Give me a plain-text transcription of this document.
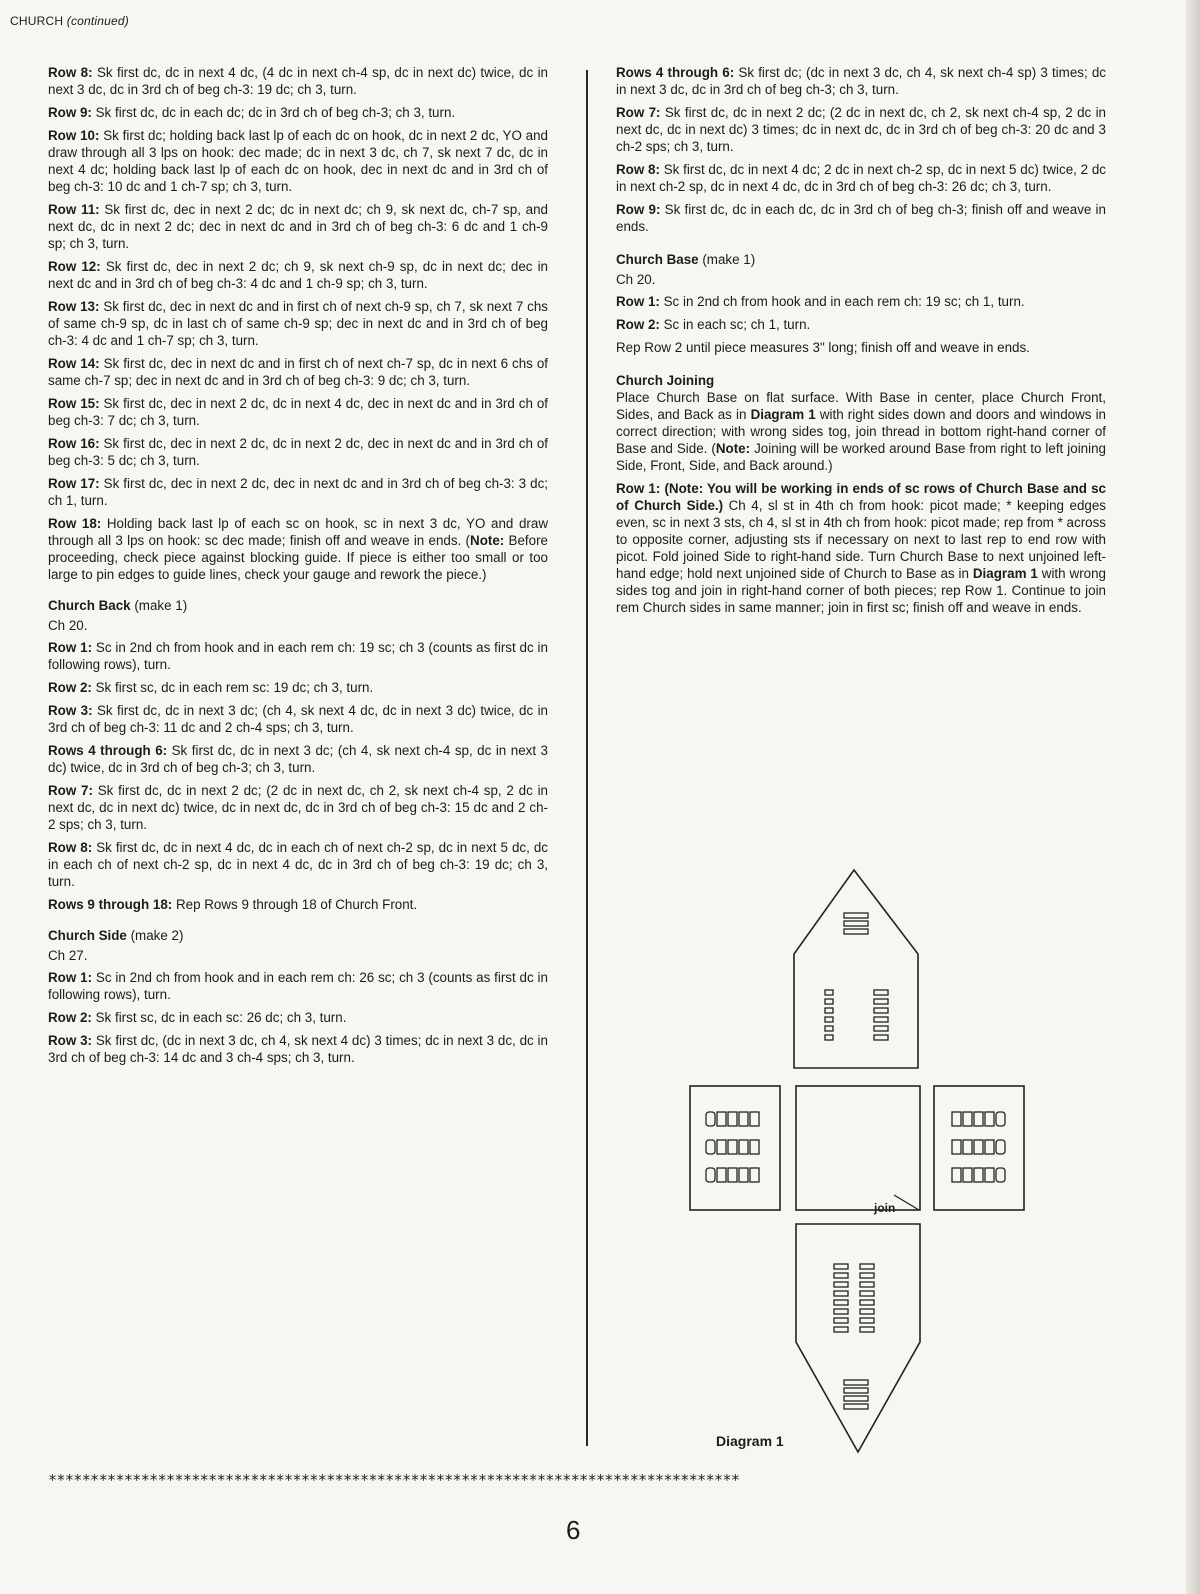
CHURCH (continued)

Row 8: Sk first dc, dc in next 4 dc, (4 dc in next ch-4 sp, dc in next dc) twice, dc in next 3 dc, dc in 3rd ch of beg ch-3: 19 dc; ch 3, turn.

Row 9: Sk first dc, dc in each dc; dc in 3rd ch of beg ch-3; ch 3, turn.

Row 10: Sk first dc; holding back last lp of each dc on hook, dc in next 2 dc, YO and draw through all 3 lps on hook: dec made; dc in next 3 dc, ch 7, sk next 7 dc, dc in next 4 dc; holding back last lp of each dc on hook, dec in next dc and in 3rd ch of beg ch-3: 10 dc and 1 ch-7 sp; ch 3, turn.

Row 11: Sk first dc, dec in next 2 dc; dc in next dc; ch 9, sk next dc, ch-7 sp, and next dc, dc in next 2 dc; dec in next dc and in 3rd ch of beg ch-3: 6 dc and 1 ch-9 sp; ch 3, turn.

Row 12: Sk first dc, dec in next 2 dc; ch 9, sk next ch-9 sp, dc in next dc; dec in next dc and in 3rd ch of beg ch-3: 4 dc and 1 ch-9 sp; ch 3, turn.

Row 13: Sk first dc, dec in next dc and in first ch of next ch-9 sp, ch 7, sk next 7 chs of same ch-9 sp, dc in last ch of same ch-9 sp; dec in next dc and in 3rd ch of beg ch-3: 4 dc and 1 ch-7 sp; ch 3, turn.

Row 14: Sk first dc, dec in next dc and in first ch of next ch-7 sp, dc in next 6 chs of same ch-7 sp; dec in next dc and in 3rd ch of beg ch-3: 9 dc; ch 3, turn.

Row 15: Sk first dc, dec in next 2 dc, dc in next 4 dc, dec in next dc and in 3rd ch of beg ch-3: 7 dc; ch 3, turn.

Row 16: Sk first dc, dec in next 2 dc, dc in next 2 dc, dec in next dc and in 3rd ch of beg ch-3: 5 dc; ch 3, turn.

Row 17: Sk first dc, dec in next 2 dc, dec in next dc and in 3rd ch of beg ch-3: 3 dc; ch 1, turn.

Row 18: Holding back last lp of each sc on hook, sc in next 3 dc, YO and draw through all 3 lps on hook: sc dec made; finish off and weave in ends. (Note: Before proceeding, check piece against blocking guide. If piece is either too small or too large to pin edges to guide lines, check your gauge and rework the piece.)

Church Back (make 1)

Ch 20.

Row 1: Sc in 2nd ch from hook and in each rem ch: 19 sc; ch 3 (counts as first dc in following rows), turn.

Row 2: Sk first sc, dc in each rem sc: 19 dc; ch 3, turn.

Row 3: Sk first dc, dc in next 3 dc; (ch 4, sk next 4 dc, dc in next 3 dc) twice, dc in 3rd ch of beg ch-3: 11 dc and 2 ch-4 sps; ch 3, turn.

Rows 4 through 6: Sk first dc, dc in next 3 dc; (ch 4, sk next ch-4 sp, dc in next 3 dc) twice, dc in 3rd ch of beg ch-3; ch 3, turn.

Row 7: Sk first dc, dc in next 2 dc; (2 dc in next dc, ch 2, sk next ch-4 sp, 2 dc in next dc, dc in next dc) twice, dc in next dc, dc in 3rd ch of beg ch-3: 15 dc and 2 ch-2 sps; ch 3, turn.

Row 8: Sk first dc, dc in next 4 dc, dc in each ch of next ch-2 sp, dc in next 5 dc, dc in each ch of next ch-2 sp, dc in next 4 dc, dc in 3rd ch of beg ch-3: 19 dc; ch 3, turn.

Rows 9 through 18: Rep Rows 9 through 18 of Church Front.

Church Side (make 2)

Ch 27.

Row 1: Sc in 2nd ch from hook and in each rem ch: 26 sc; ch 3 (counts as first dc in following rows), turn.

Row 2: Sk first sc, dc in each sc: 26 dc; ch 3, turn.

Row 3: Sk first dc, (dc in next 3 dc, ch 4, sk next 4 dc) 3 times; dc in next 3 dc, dc in 3rd ch of beg ch-3: 14 dc and 3 ch-4 sps; ch 3, turn.

Rows 4 through 6: Sk first dc; (dc in next 3 dc, ch 4, sk next ch-4 sp) 3 times; dc in next 3 dc, dc in 3rd ch of beg ch-3; ch 3, turn.

Row 7: Sk first dc, dc in next 2 dc; (2 dc in next dc, ch 2, sk next ch-4 sp, 2 dc in next dc, dc in next dc) 3 times; dc in next dc, dc in 3rd ch of beg ch-3: 20 dc and 3 ch-2 sps; ch 3, turn.

Row 8: Sk first dc, dc in next 4 dc; 2 dc in next ch-2 sp, dc in next 5 dc) twice, 2 dc in next ch-2 sp, dc in next 4 dc, dc in 3rd ch of beg ch-3: 26 dc; ch 3, turn.

Row 9: Sk first dc, dc in each dc, dc in 3rd ch of beg ch-3; finish off and weave in ends.

Church Base (make 1)

Ch 20.

Row 1: Sc in 2nd ch from hook and in each rem ch: 19 sc; ch 1, turn.

Row 2: Sc in each sc; ch 1, turn.

Rep Row 2 until piece measures 3" long; finish off and weave in ends.

Church Joining

Place Church Base on flat surface. With Base in center, place Church Front, Sides, and Back as in Diagram 1 with right sides down and doors and windows in correct direction; with wrong sides tog, join thread in bottom right-hand corner of Base and Side. (Note: Joining will be worked around Base from right to left joining Side, Front, Side, and Back around.)

Row 1: (Note: You will be working in ends of sc rows of Church Base and sc of Church Side.) Ch 4, sl st in 4th ch from hook: picot made; * keeping edges even, sc in next 3 sts, ch 4, sl st in 4th ch from hook: picot made; rep from * across to opposite corner, adjusting sts if necessary on next to last rep to end row with picot. Fold joined Side to right-hand side. Turn Church Base to next unjoined left-hand edge; hold next unjoined side of Church to Base as in Diagram 1 with wrong sides tog and join in right-hand corner of both pieces; rep Row 1. Continue to join rem Church sides in same manner; join in first sc; finish off and weave in ends.

join
Diagram 1
**********************************************************************************
6
